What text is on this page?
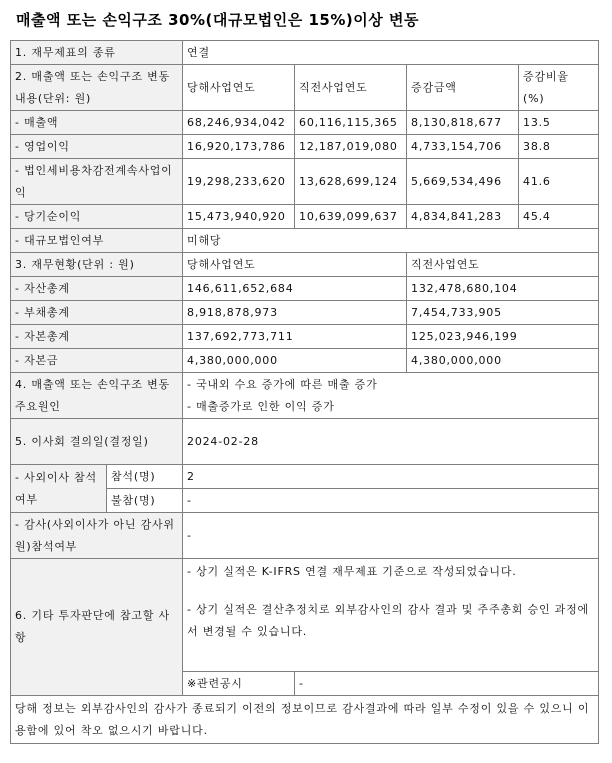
매출액 또는 손익구조 30%(대규모법인은 15%)이상 변동
1. 재무제표의 종류		연결			
2. 매출액 또는 손익구조 변동내용(단위: 원)		당해사업연도	직전사업연도	증감금액	증감비율 (%)
- 매출액		68,246,934,042	60,116,115,365	8,130,818,677	13.5
- 영업이익		16,920,173,786	12,187,019,080	4,733,154,706	38.8
- 법인세비용차감전계속사업이익		19,298,233,620	13,628,699,124	5,669,534,496	41.6
- 당기순이익		15,473,940,920	10,639,099,637	4,834,841,283	45.4
- 대규모법인여부		미해당			
3. 재무현황(단위 : 원)		당해사업연도		직전사업연도	
- 자산총계		146,611,652,684		132,478,680,104	
- 부채총계		8,918,878,973		7,454,733,905	
- 자본총계		137,692,773,711		125,023,946,199	
- 자본금		4,380,000,000		4,380,000,000	
4. 매출액 또는 손익구조 변동 주요원인		- 국내외 수요 증가에 따른 매출 증가
- 매출증가로 인한 이익 증가			

5. 이사회 결의일(결정일)		2024-02-28			
- 사외이사 참석여부	참석(명)	2			
	불참(명)	-			
- 감사(사외이사가 아닌 감사위원)참석여부		-			
6. 기타 투자판단에 참고할 사항		- 상기 실적은 K-IFRS 연결 재무제표 기준으로 작성되었습니다.
- 상기 실적은 결산추정치로 외부감사인의 감사 결과 및 주주총회 승인 과정에서 변경될 수 있습니다.			

		※관련공시	-		
당해 정보는 외부감사인의 감사가 종료되기 이전의 정보이므로 감사결과에 따라 일부 수정이 있을 수 있으니 이용함에 있어 착오 없으시기 바랍니다.					
